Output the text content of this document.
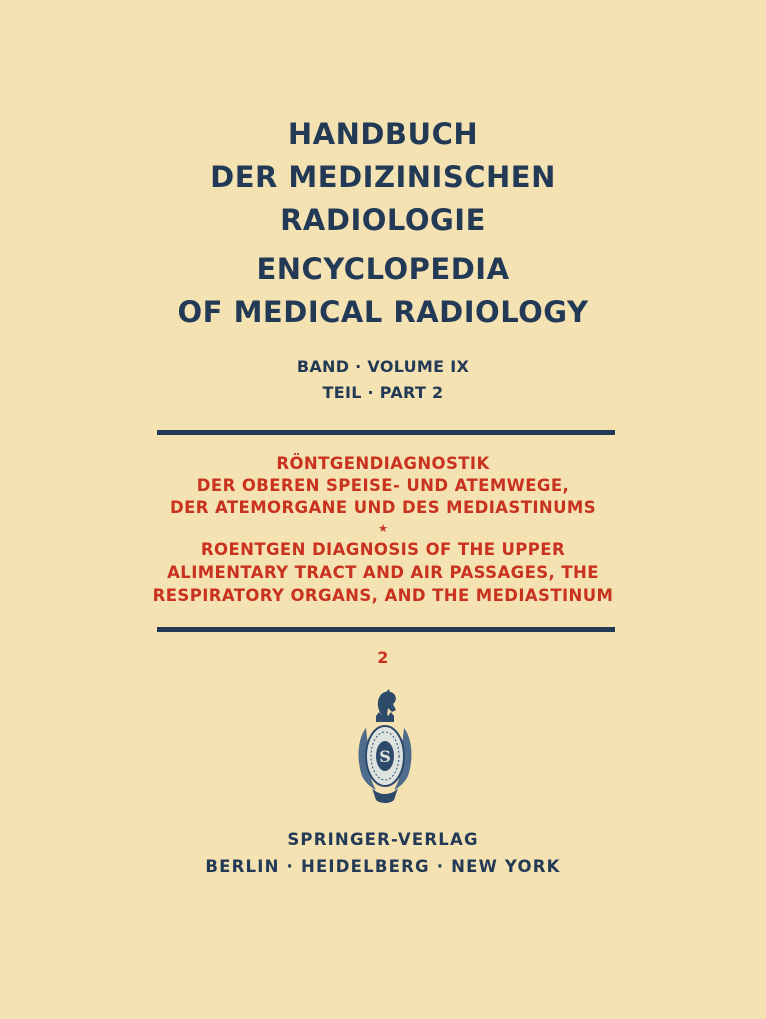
HANDBUCH
DER MEDIZINISCHEN
RADIOLOGIE
ENCYCLOPEDIA
OF MEDICAL RADIOLOGY
BAND · VOLUME IX
TEIL · PART 2
RÖNTGENDIAGNOSTIK
DER OBEREN SPEISE- UND ATEMWEGE,
DER ATEMORGANE UND DES MEDIASTINUMS
★
ROENTGEN DIAGNOSIS OF THE UPPER
ALIMENTARY TRACT AND AIR PASSAGES, THE
RESPIRATORY ORGANS, AND THE MEDIASTINUM
2
S
SPRINGER-VERLAG
BERLIN · HEIDELBERG · NEW YORK
